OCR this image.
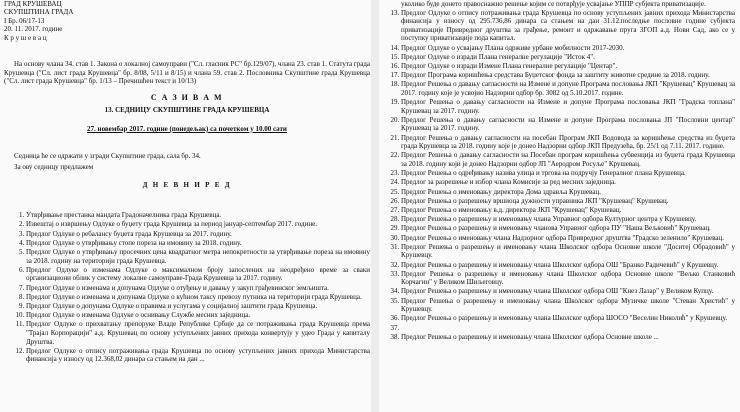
ГРАД КРУШЕВАЦ
СКУПШТИНА ГРАДА
I Бр. 06/17-13
20. 11. 2017. године
К р у ш е в а ц
На основу члана 34. став 1. Закона о локалној самоуправи ("Сл. гласник РС" бр.129/07), члана 23. став 1. Статута града Крушевца ("Сл. лист града Крушевца" бр. 8/08, 5/11 и 8/15) и члана 59. став 2. Пословника Скупштине града Крушевца ("Сл. лист града Крушевца" бр. 1/13 – Пречишћен текст и 10/13)
С А З И В А М
13. СЕДНИЦУ СКУПШТИНЕ ГРАДА КРУШЕВЦА
27. новембар 2017. године (понедељак) са почетком у 10.00 сати
Седница ће се одржати у згради Скупштине града, сала бр. 34.
За ову седницу предлажем
Д Н Е В Н И Р Е Д
1. Утврђивање престанка мандата Градоначелника града Крушевца.
2. Извештај о извршењу Одлуке о буџету града Крушевца за период јануар-септембар 2017. године.
3. Предлог Одлуке о ребалансу буџета града Крушевца за 2017. годину.
4. Предлог Одлуке о утврђивању стопе пореза на имовину за 2018. годину.
5. Предлог Одлуке о утврђивању просечних цена квадратног метра непокретности за утврђивање пореза на имовину за 2018. годину на територији града Крушевца.
6. Предлог Одлуке о изменама Одлуке о максималном броју запослених на неодређено време за сваки организациони облик у систему локалне самоуправе-Града Крушевца за 2017. годину.
7. Предлог Одлуке о изменама и допунама Одлуке о отуђењу и давању у закуп грађевинског земљишта.
8. Предлог Одлуке о изменама и допунама Одлуке о кућном таксу превозу путника на територији града Крушевца.
9. Предлог Одлуке о допунама Одлуке о правима и услугама у социјалној заштити града Крушевца.
10. Предлог Одлуке о изменама Одлуке о оснивању Службе месних заједница.
11. Предлог Одлуке о прихватању препоруке Владе Републике Србије да се потраживања града Крушевца према "Трајал Корпорацији" а.д. Крушевац по основу уступљених јавних прихода конвертују у удео Града у капиталу Друштва.
12. Предлог Одлуке о отпису потраживања града Крушевца по основу уступљених јавних прихода Министарства финансија у износу од 12.368,02 динара са стањем на дан ...
уколико буде донето правоснажно решење којим се потврђује усвајање УППР субјекта приватизације.
13. Предлог Одлуке о отпису потраживања града Крушевца по основу уступљених јавних прихода Министарства финансија у износу од 295.736,86 динара са стањем на дан 31.12.последње пословне године субјекта приватизације Привредног друштва за грађење, ремонт и одржавање пруга ЗГОП а.д. Нови Сад, ако се у поступку приватизације пода капитал.
14. Предлог Одлуке о усвајању Плана одрживе урбане мобилности 2017-2030.
15. Предлог Одлуке о изради Плана генералне регулације "Исток 4".
16. Предлог Одлуке о изради Измене Плана генералне регулације "Центар".
17. Предлог Програма коришћења средстава Буџетског фонда за заштиту животне средине за 2018. годину.
18. Предлог Решења о давању сагласности на Измене и допуне Програма пословања ЈКП "Крушевац" Крушевац за 2017. годину које је усвојио Надзорни одбор бр. 3082 од 5.10.2017. године.
19. Предлог Решења о давању сагласности на Измене и допуне Програма пословања ЈКП "Градска топлана" Крушевац за 2017. годину.
20. Предлог Решења о давању сагласности на Измене и допуне Програма пословања ЈП "Пословни центар" Крушевац за 2017. годину.
21. Предлог Решења о давању сагласности на посебан Програм ЈКП Водовода за коришћење средства из буџета града Крушевца за 2018. годину које је донео Надзорни одбор ЈКП Предузећа, бр. 25/1 од 7.11. 2017. године.
22. Предлог Решења о давању сагласности на Посебан програм коришћења субвенција из буџета града Крушевца за 2018. годину који је донео Надзорни одбор ЈП "Аеродром Росуље" Крушевац.
23. Предлог Решења о одређивању назива улица и тргова на подручју Генералног плана Крушевца.
24. Предлог за разрешење и избор члана Комисије за ред месних заједница.
25. Предлог Решења о именовању директора Дома здравља Крушевац.
26. Предлог Решења о разрешењу вршиоца дужности управника ЈКП "Крушевац" Крушевац.
27. Предлог Решења о именовању в.д. директора ЈКП "Крушевац" Крушевац.
28. Предлог Решења о разрешењу и именовању члана Управног одбора Културног центра у Крушевцу.
29. Предлог Решења о разрешењу и именовању чланова Управног одбора ПУ "Наша Вељковић" Крушевац.
30. Предлог Решења о именовању члана Надзорног одбора Привредног друштва "Градско зеленило" Крушевац.
31. Предлог Решења о разрешењу и именовању члана Школског одбора Основне школе "Доситеј Обрадовић" у Крушевцу.
32. Предлог Решења о разрешењу и именовању члана Школског одбора ОШ "Бранко Радичевић" у Крушевцу.
33. Предлог Решења о разрешењу и именовању члана Школског одбора Основне школе "Вељко Станковић Корчагин" у Великом Шиљеговцу.
34. Предлог Решења о разрешењу и именовању члана Школског одбора ОШ "Кнез Лазар" у Великом Купцу.
35. Предлог Решења о разрешењу и именовању члана Школског одбора Музичке школе "Стеван Христић" у Крушевцу.
36. Предлог Решења о разрешењу и именовању члана Школског одбора ШОСО "Веселин Николић" у Крушевцу.
37.
38. Предлог Решења о разрешењу и именовању члана Школског одбора Основне школе ...
